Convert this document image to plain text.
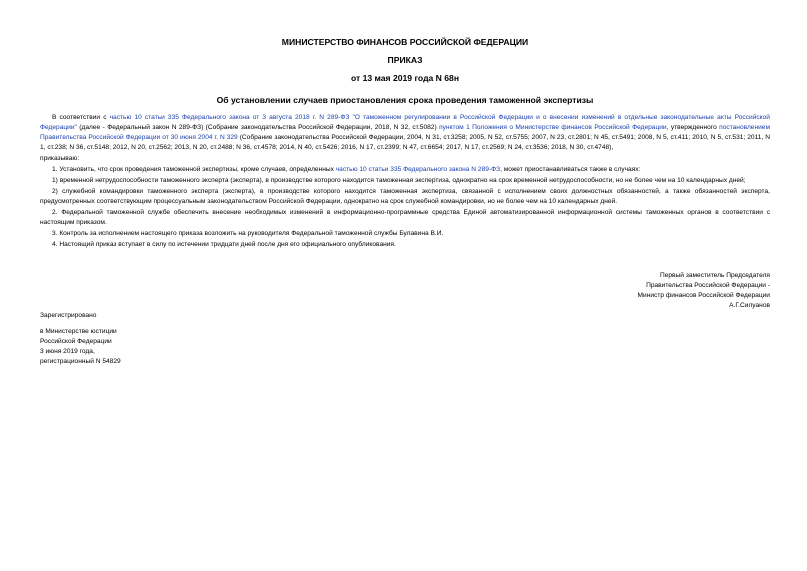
МИНИСТЕРСТВО ФИНАНСОВ РОССИЙСКОЙ ФЕДЕРАЦИИ
ПРИКАЗ
от 13 мая 2019 года N 68н
Об установлении случаев приостановления срока проведения таможенной экспертизы

В соответствии с частью 10 статьи 335 Федерального закона от 3 августа 2018 г. N 289-ФЗ "О таможенном регулировании в Российской Федерации и о внесении изменений в отдельные законодательные акты Российской Федерации" (далее - Федеральный закон N 289-ФЗ) (Собрание законодательства Российской Федерации, 2018, N 32, ст.5082) пунктом 1 Положения о Министерстве финансов Российской Федерации, утвержденного постановлением Правительства Российской Федерации от 30 июня 2004 г. N 329 (Собрание законодательства Российской Федерации, 2004, N 31, ст.3258; 2005, N 52, ст.5755; 2007, N 23, ст.2801; N 45, ст.5491; 2008, N 5, ст.411; 2010, N 5, ст.531; 2011, N 1, ст.238; N 36, ст.5148; 2012, N 20, ст.2562; 2013, N 20, ст.2488; N 36, ст.4578; 2014, N 40, ст.5426; 2016, N 17, ст.2399; N 47, ст.6654; 2017, N 17, ст.2569; N 24, ст.3536; 2018, N 30, ст.4748),

приказываю:

1. Установить, что срок проведения таможенной экспертизы, кроме случаев, определенных частью 10 статьи 335 Федерального закона N 289-ФЗ, может приостанавливаться также в случаях:

1) временной нетрудоспособности таможенного эксперта (эксперта), в производстве которого находится таможенная экспертиза, однократно на срок временной нетрудоспособности, но не более чем на 10 календарных дней;

2) служебной командировки таможенного эксперта (эксперта), в производстве которого находится таможенная экспертиза, связанной с исполнением своих должностных обязанностей, а также обязанностей эксперта, предусмотренных соответствующим процессуальным законодательством Российской Федерации, однократно на срок служебной командировки, но не более чем на 10 календарных дней.

2. Федеральной таможенной службе обеспечить внесение необходимых изменений в информационно-программные средства Единой автоматизированной информационной системы таможенных органов в соответствии с настоящим приказом.

3. Контроль за исполнением настоящего приказа возложить на руководителя Федеральной таможенной службы Булавина В.И.

4. Настоящий приказ вступает в силу по истечении тридцати дней после дня его официального опубликования.

Первый заместитель Председателя
Правительства Российской Федерации -
Министр финансов Российской Федерации
А.Г.Силуанов
Зарегистрировано
в Министерстве юстиции
Российской Федерации
3 июня 2019 года,
регистрационный N 54829
